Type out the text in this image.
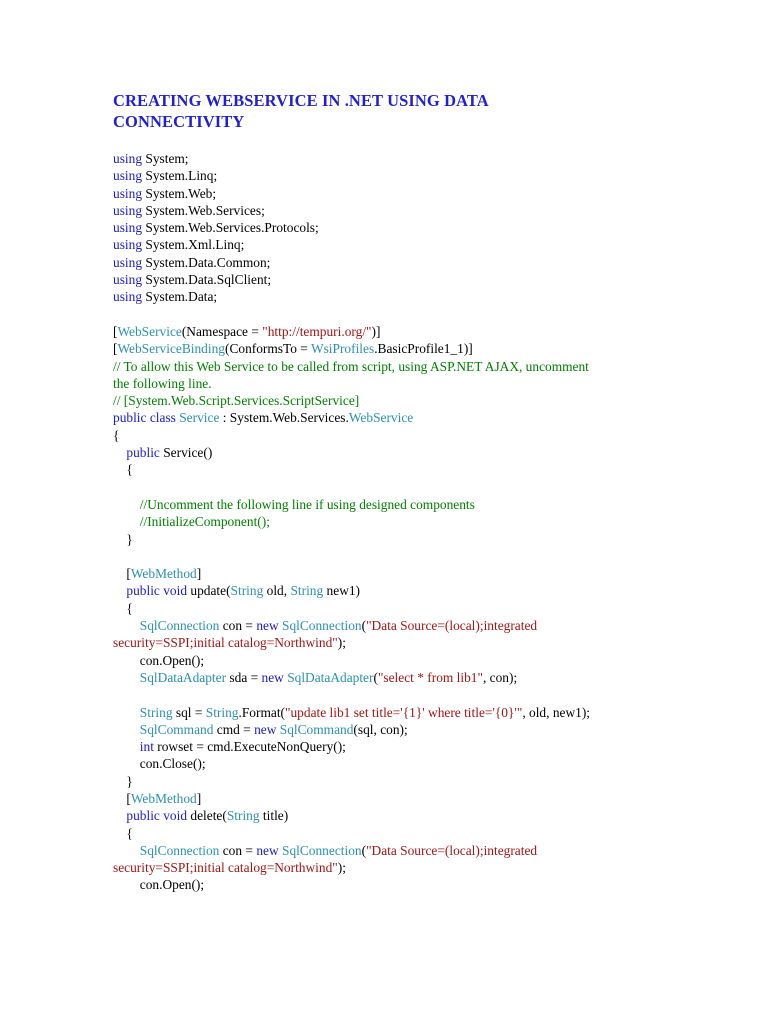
CREATING WEBSERVICE IN .NET USING DATA
CONNECTIVITY
using System;
using System.Linq;
using System.Web;
using System.Web.Services;
using System.Web.Services.Protocols;
using System.Xml.Linq;
using System.Data.Common;
using System.Data.SqlClient;
using System.Data;
[WebService(Namespace = "http://tempuri.org/")]
[WebServiceBinding(ConformsTo = WsiProfiles.BasicProfile1_1)]
// To allow this Web Service to be called from script, using ASP.NET AJAX, uncomment
the following line.
// [System.Web.Script.Services.ScriptService]
public class Service : System.Web.Services.WebService
{
public Service()
{
//Uncomment the following line if using designed components
//InitializeComponent();
}
[WebMethod]
public void update(String old, String new1)
{
SqlConnection con = new SqlConnection("Data Source=(local);integrated
security=SSPI;initial catalog=Northwind");
con.Open();
SqlDataAdapter sda = new SqlDataAdapter("select * from lib1", con);
String sql = String.Format("update lib1 set title='{1}' where title='{0}'", old, new1);
SqlCommand cmd = new SqlCommand(sql, con);
int rowset = cmd.ExecuteNonQuery();
con.Close();
}
[WebMethod]
public void delete(String title)
{
SqlConnection con = new SqlConnection("Data Source=(local);integrated
security=SSPI;initial catalog=Northwind");
con.Open();
